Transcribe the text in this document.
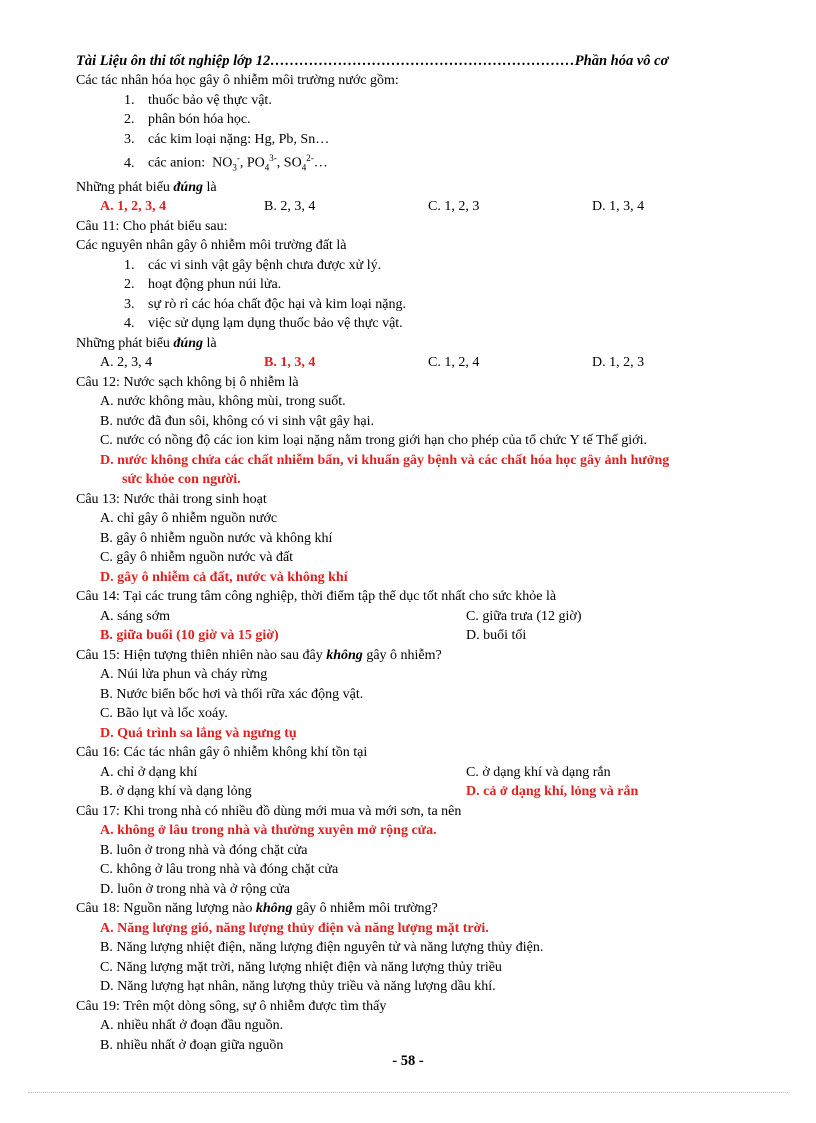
Tài Liệu ôn thi tốt nghiệp lớp 12………………………………………………………Phần hóa vô cơ
Các tác nhân hóa học gây ô nhiễm môi trường nước gồm:
1. thuốc bảo vệ thực vật.
2. phân bón hóa học.
3. các kim loại nặng: Hg, Pb, Sn…
4. các anion: $NO_3^-$, $PO_4^{3-}$, $SO_4^{2-}\dots$
Những phát biểu đúng là
A. 1, 2, 3, 4	B. 2, 3, 4	C. 1, 2, 3	D. 1, 3, 4
Câu 11: Cho phát biểu sau:
Các nguyên nhân gây ô nhiễm môi trường đất là
1. các vi sinh vật gây bệnh chưa được xử lý.
2. hoạt động phun núi lửa.
3. sự rò rỉ các hóa chất độc hại và kim loại nặng.
4. việc sử dụng lạm dụng thuốc bảo vệ thực vật.
Những phát biểu đúng là
A. 2, 3, 4	B. 1, 3, 4	C. 1, 2, 4	D. 1, 2, 3
Câu 12: Nước sạch không bị ô nhiễm là
A. nước không màu, không mùi, trong suốt.
B. nước đã đun sôi, không có vi sinh vật gây hại.
C. nước có nồng độ các ion kim loại nặng nằm trong giới hạn cho phép của tổ chức Y tế Thế giới.
D. nước không chứa các chất nhiễm bẩn, vi khuẩn gây bệnh và các chất hóa học gây ảnh hưởng
sức khỏe con người.
Câu 13: Nước thải trong sinh hoạt
A. chỉ gây ô nhiễm nguồn nước
B. gây ô nhiễm nguồn nước và không khí
C. gây ô nhiễm nguồn nước và đất
D. gây ô nhiễm cả đất, nước và không khí
Câu 14: Tại các trung tâm công nghiệp, thời điểm tập thể dục tốt nhất cho sức khỏe là
A. sáng sớm	C. giữa trưa (12 giờ)
B. giữa buổi (10 giờ và 15 giờ)	D. buổi tối
Câu 15: Hiện tượng thiên nhiên nào sau đây không gây ô nhiễm?
A. Núi lửa phun và cháy rừng
B. Nước biển bốc hơi và thối rữa xác động vật.
C. Bão lụt và lốc xoáy.
D. Quá trình sa lắng và ngưng tụ
Câu 16: Các tác nhân gây ô nhiễm không khí tồn tại
A. chỉ ở dạng khí	C. ở dạng khí và dạng rắn
B. ở dạng khí và dạng lỏng	D. cả ở dạng khí, lỏng và rắn
Câu 17: Khi trong nhà có nhiều đồ dùng mới mua và mới sơn, ta nên
A. không ở lâu trong nhà và thường xuyên mở rộng cửa.
B. luôn ở trong nhà và đóng chặt cửa
C. không ở lâu trong nhà và đóng chặt cửa
D. luôn ở trong nhà và ở rộng cửa
Câu 18: Nguồn năng lượng nào không gây ô nhiễm môi trường?
A. Năng lượng gió, năng lượng thủy điện và năng lượng mặt trời.
B. Năng lượng nhiệt điện, năng lượng điện nguyên tử và năng lượng thủy điện.
C. Năng lượng mặt trời, năng lượng nhiệt điện và năng lượng thủy triều
D. Năng lượng hạt nhân, năng lượng thủy triều và năng lượng dầu khí.
Câu 19: Trên một dòng sông, sự ô nhiễm được tìm thấy
A. nhiều nhất ở đoạn đầu nguồn.
B. nhiều nhất ở đoạn giữa nguồn
- 58 -
